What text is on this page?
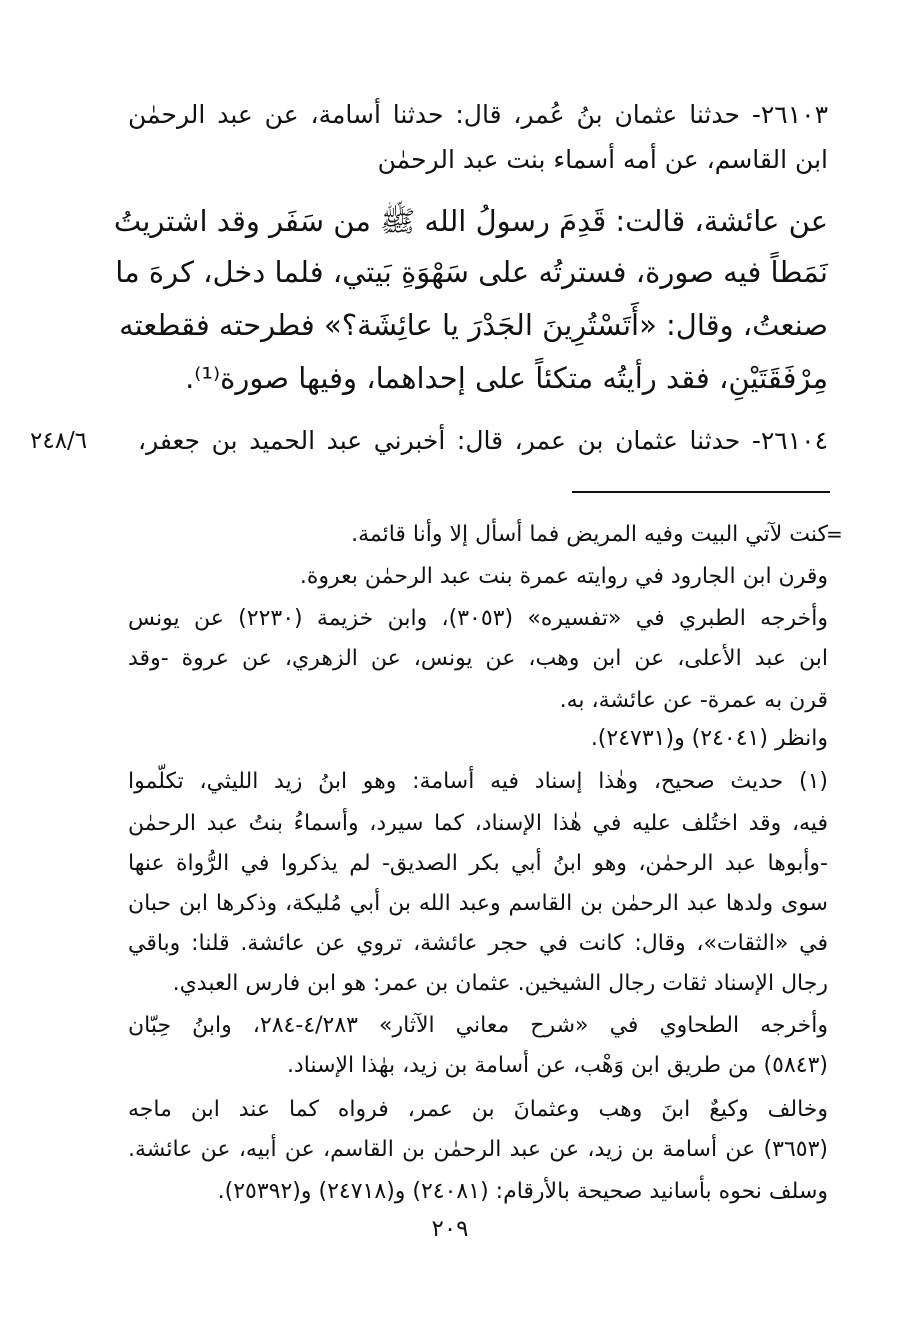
٢٦١٠٣- حدثنا عثمان بنُ عُمر، قال: حدثنا أسامة، عن عبد الرحمٰن
ابن القاسم، عن أمه أسماء بنت عبد الرحمٰن
عن عائشة، قالت: قَدِمَ رسولُ الله ﷺ من سَفَر وقد اشتريتُ
نَمَطاً فيه صورة، فسترتُه على سَهْوَةِ بَيتي، فلما دخل، كرهَ ما
صنعتُ، وقال: «أَتَسْتُرِينَ الجَدْرَ يا عائِشَة؟» فطرحته فقطعته
مِرْفَقَتَيْنِ، فقد رأيتُه متكئاً على إحداهما، وفيها صورة⁽¹⁾.
٢٦١٠٤- حدثنا عثمان بن عمر، قال: أخبرني عبد الحميد بن جعفر،
٢٤٨/٦
=
كنت لآتي البيت وفيه المريض فما أسأل إلا وأنا قائمة.
وقرن ابن الجارود في روايته عمرة بنت عبد الرحمٰن بعروة.
وأخرجه الطبري في «تفسيره» (٣٠٥٣)، وابن خزيمة (٢٢٣٠) عن يونس
ابن عبد الأعلى، عن ابن وهب، عن يونس، عن الزهري، عن عروة -وقد
قرن به عمرة- عن عائشة، به.
وانظر (٢٤٠٤١) و(٢٤٧٣١).
(١) حديث صحيح، وهٰذا إسناد فيه أسامة: وهو ابنُ زيد الليثي، تكلّموا
فيه، وقد اختُلف عليه في هٰذا الإسناد، كما سيرد، وأسماءُ بنتُ عبد الرحمٰن
-وأبوها عبد الرحمٰن، وهو ابنُ أبي بكر الصديق- لم يذكروا في الرُّواة عنها
سوى ولدها عبد الرحمٰن بن القاسم وعبد الله بن أبي مُليكة، وذكرها ابن حبان
في «الثقات»، وقال: كانت في حجر عائشة، تروي عن عائشة. قلنا: وباقي
رجال الإسناد ثقات رجال الشيخين. عثمان بن عمر: هو ابن فارس العبدي.
وأخرجه الطحاوي في «شرح معاني الآثار» ٤/٢٨٣-٢٨٤، وابنُ حِبّان
(٥٨٤٣) من طريق ابن وَهْب، عن أسامة بن زيد، بهٰذا الإسناد.
وخالف وكيعٌ ابنَ وهب وعثمانَ بن عمر، فرواه كما عند ابن ماجه
(٣٦٥٣) عن أسامة بن زيد، عن عبد الرحمٰن بن القاسم، عن أبيه، عن عائشة.
وسلف نحوه بأسانيد صحيحة بالأرقام: (٢٤٠٨١) و(٢٤٧١٨) و(٢٥٣٩٢).
٢٠٩
